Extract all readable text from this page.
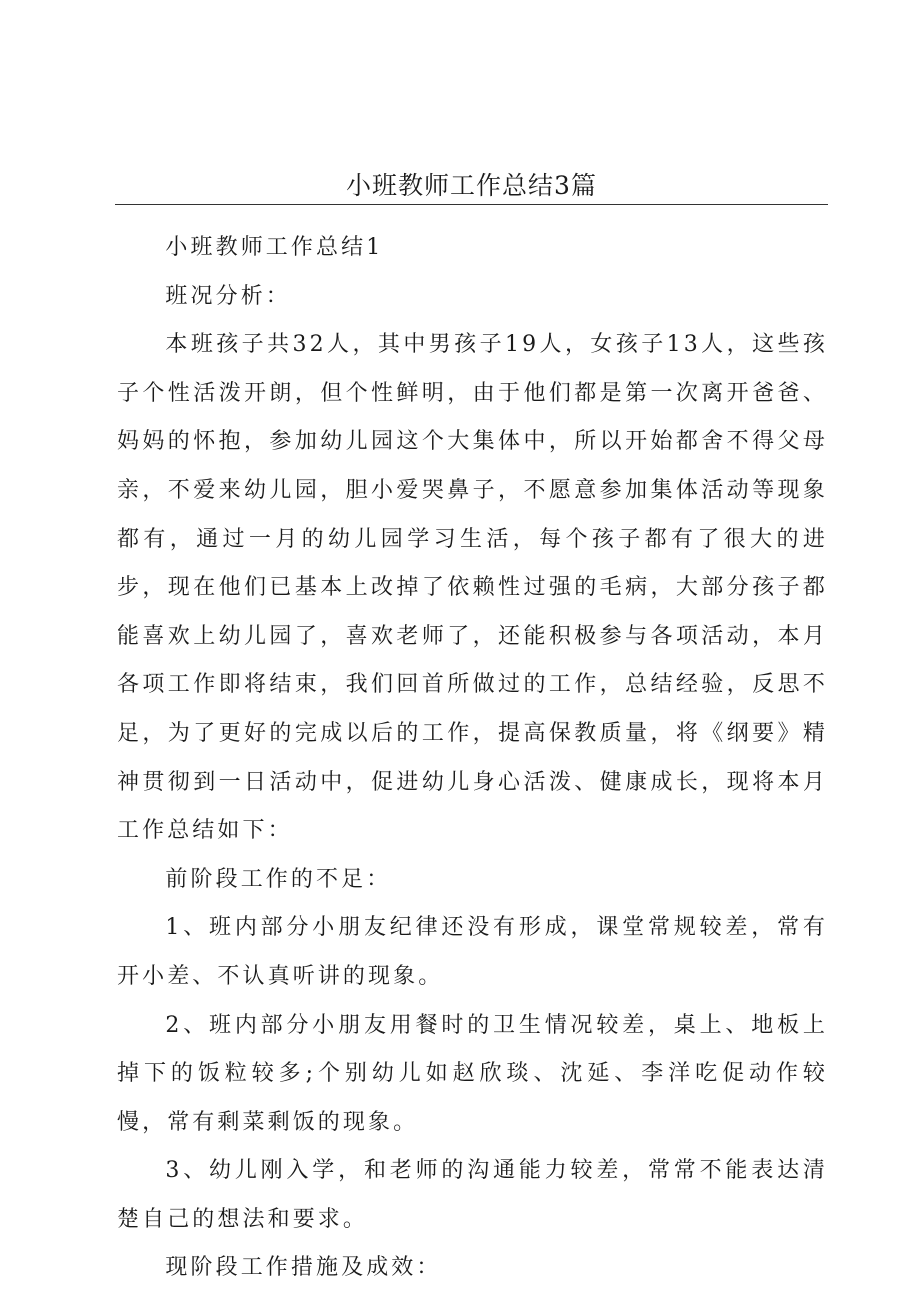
小班教师工作总结3篇

小班教师工作总结1

班况分析：

本班孩子共32人，其中男孩子19人，女孩子13人，这些孩子个性活泼开朗，但个性鲜明，由于他们都是第一次离开爸爸、妈妈的怀抱，参加幼儿园这个大集体中，所以开始都舍不得父母亲，不爱来幼儿园，胆小爱哭鼻子，不愿意参加集体活动等现象都有，通过一月的幼儿园学习生活，每个孩子都有了很大的进步，现在他们已基本上改掉了依赖性过强的毛病，大部分孩子都能喜欢上幼儿园了，喜欢老师了，还能积极参与各项活动，本月各项工作即将结束，我们回首所做过的工作，总结经验，反思不足，为了更好的完成以后的工作，提高保教质量，将《纲要》精神贯彻到一日活动中，促进幼儿身心活泼、健康成长，现将本月工作总结如下：

前阶段工作的不足：

1、班内部分小朋友纪律还没有形成，课堂常规较差，常有开小差、不认真听讲的现象。

2、班内部分小朋友用餐时的卫生情况较差，桌上、地板上掉下的饭粒较多;个别幼儿如赵欣琰、沈延、李洋吃促动作较慢，常有剩菜剩饭的现象。

3、幼儿刚入学，和老师的沟通能力较差，常常不能表达清楚自己的想法和要求。

现阶段工作措施及成效：
